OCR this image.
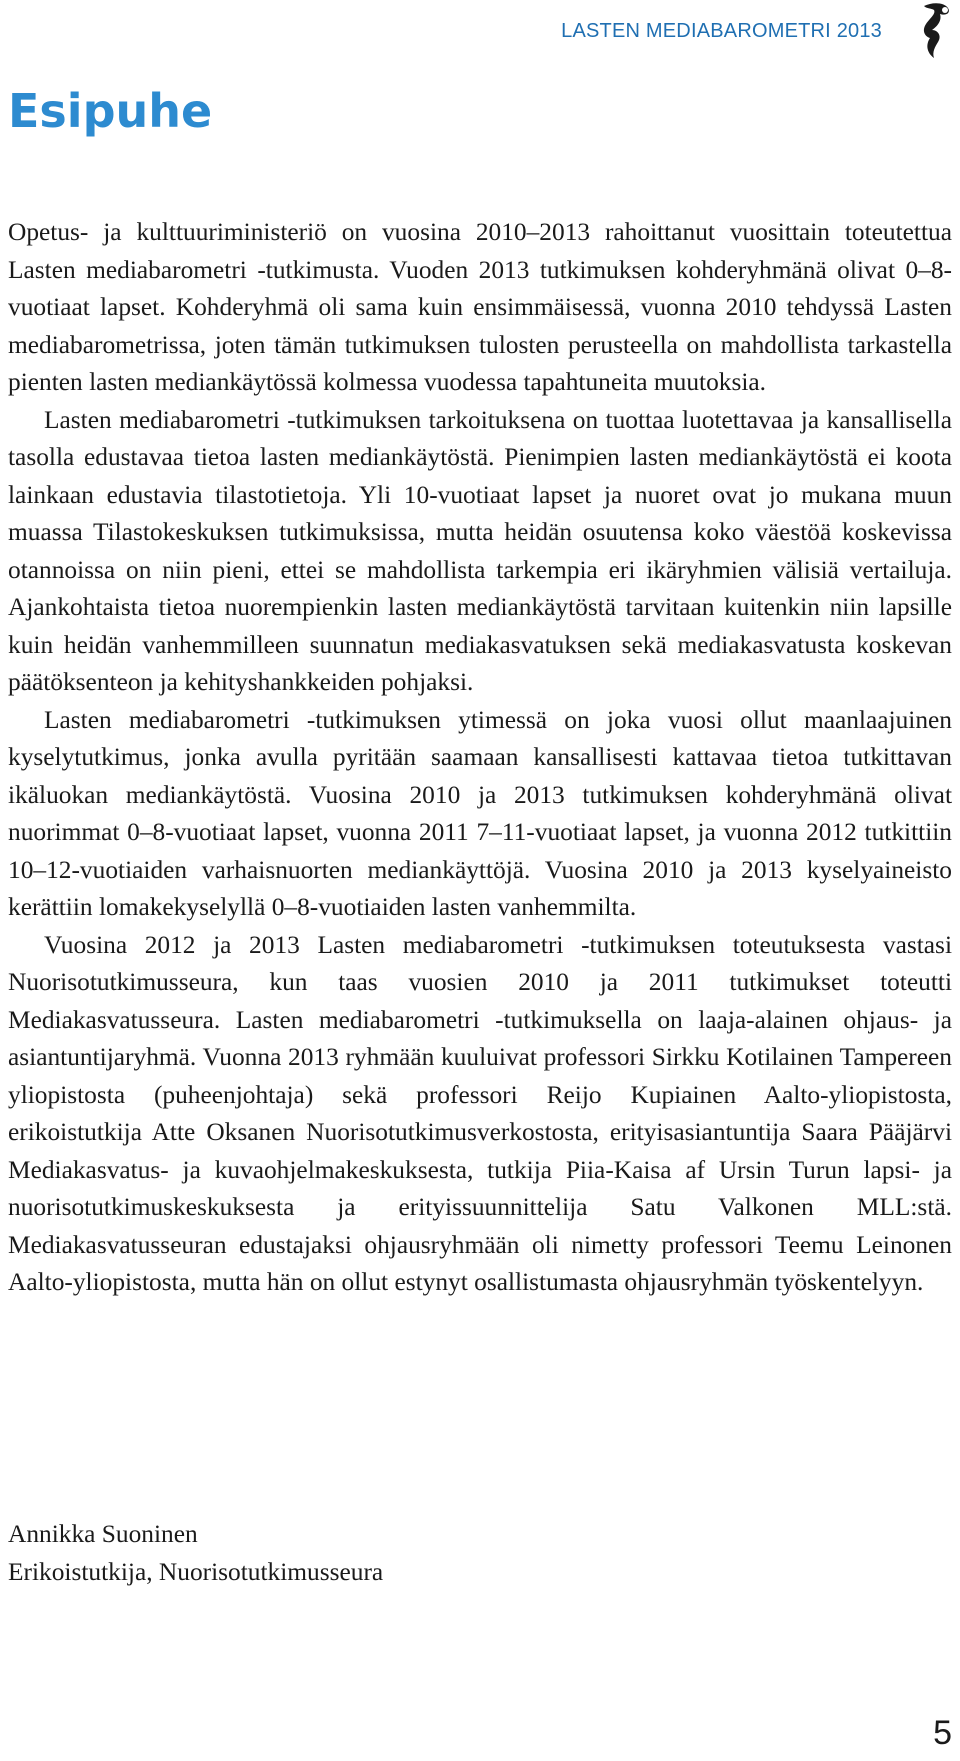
LASTEN MEDIABAROMETRI 2013
Esipuhe

Opetus- ja kulttuuriministeriö on vuosina 2010–2013 rahoittanut vuosittain toteutettua Lasten mediabarometri -tutkimusta. Vuoden 2013 tutkimuksen kohderyhmänä olivat 0–8-vuotiaat lapset. Kohderyhmä oli sama kuin ensimmäisessä, vuonna 2010 tehdyssä Lasten mediabarometrissa, joten tämän tutkimuksen tulosten perusteella on mahdollista tarkastella pienten lasten mediankäytössä kolmessa vuodessa tapahtuneita muutoksia.

Lasten mediabarometri -tutkimuksen tarkoituksena on tuottaa luotettavaa ja kansallisella tasolla edustavaa tietoa lasten mediankäytöstä. Pienimpien lasten mediankäytöstä ei koota lainkaan edustavia tilastotietoja. Yli 10-vuotiaat lapset ja nuoret ovat jo mukana muun muassa Tilastokeskuksen tutkimuksissa, mutta heidän osuutensa koko väestöä koskevissa otannoissa on niin pieni, ettei se mahdollista tarkempia eri ikäryhmien välisiä vertailuja. Ajankohtaista tietoa nuorempienkin lasten mediankäytöstä tarvitaan kuitenkin niin lapsille kuin heidän vanhemmilleen suunnatun mediakasvatuksen sekä mediakasvatusta koskevan päätöksenteon ja kehityshankkeiden pohjaksi.

Lasten mediabarometri -tutkimuksen ytimessä on joka vuosi ollut maanlaajuinen kyselytutkimus, jonka avulla pyritään saamaan kansallisesti kattavaa tietoa tutkittavan ikäluokan mediankäytöstä. Vuosina 2010 ja 2013 tutkimuksen kohderyhmänä olivat nuorimmat 0–8-vuotiaat lapset, vuonna 2011 7–11-vuotiaat lapset, ja vuonna 2012 tutkittiin 10–12-vuotiaiden varhaisnuorten mediankäyttöjä. Vuosina 2010 ja 2013 kyselyaineisto kerättiin lomakekyselyllä 0–8-vuotiaiden lasten vanhemmilta.

Vuosina 2012 ja 2013 Lasten mediabarometri -tutkimuksen toteutuksesta vastasi Nuorisotutkimusseura, kun taas vuosien 2010 ja 2011 tutkimukset toteutti Mediakasvatusseura. Lasten mediabarometri -tutkimuksella on laaja-alainen ohjaus- ja asiantuntijaryhmä. Vuonna 2013 ryhmään kuuluivat professori Sirkku Kotilainen Tampereen yliopistosta (puheenjohtaja) sekä professori Reijo Kupiainen Aalto-yliopistosta, erikoistutkija Atte Oksanen Nuorisotutkimusverkostosta, erityisasiantuntija Saara Pääjärvi Mediakasvatus- ja kuvaohjelmakeskuksesta, tutkija Piia-Kaisa af Ursin Turun lapsi- ja nuorisotutkimuskeskuksesta ja erityissuunnittelija Satu Valkonen MLL:stä. Mediakasvatusseuran edustajaksi ohjausryhmään oli nimetty professori Teemu Leinonen Aalto-yliopistosta, mutta hän on ollut estynyt osallistumasta ohjausryhmän työskentelyyn.

Annikka Suoninen
Erikoistutkija, Nuorisotutkimusseura
5
